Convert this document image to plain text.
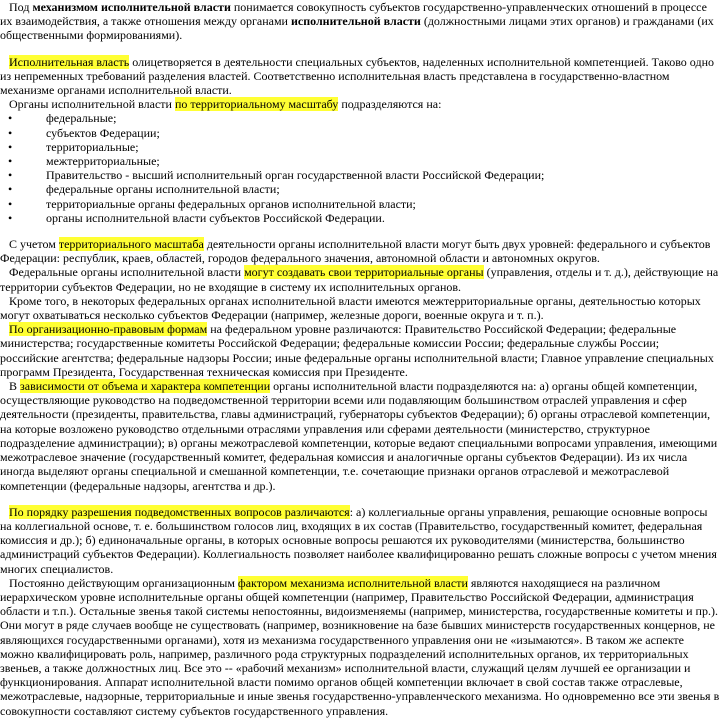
Под механизмом исполнительной власти понимается совокупность субъектов государственно-управленческих отношений в процессе их взаимодействия, а также отношения между органами исполнительной власти (должностными лицами этих органов) и гражданами (их общественными формированиями).

Исполнительная власть олицетворяется в деятельности специальных субъектов, наделенных исполнительной компетенцией. Таково одно из непременных требований разделения властей. Соответственно исполнительная власть представлена в государственно-властном механизме органами исполнительной власти.

Органы исполнительной власти по территориальному масштабу подразделяются на:

• федеральные;
• субъектов Федерации;
• территориальные;
• межтерриториальные;
• Правительство - высший исполнительный орган государственной власти Российской Федерации;
• федеральные органы исполнительной власти;
• территориальные органы федеральных органов исполнительной власти;
• органы исполнительной власти субъектов Российской Федерации.

С учетом территориального масштаба деятельности органы исполнительной власти могут быть двух уровней: федерального и субъектов Федерации: республик, краев, областей, городов федерального значения, автономной области и автономных округов.

Федеральные органы исполнительной власти могут создавать свои территориальные органы (управления, отделы и т. д.), действующие на территории субъектов Федерации, но не входящие в систему их исполнительных органов.

Кроме того, в некоторых федеральных органах исполнительной власти имеются межтерриториальные органы, деятельностью которых могут охватываться несколько субъектов Федерации (например, железные дороги, военные округа и т. п.).

По организационно-правовым формам на федеральном уровне различаются: Правительство Российской Федерации; федеральные министерства; государственные комитеты Российской Федерации; федеральные комиссии России; федеральные службы России; российские агентства; федеральные надзоры России; иные федеральные органы исполнительной власти; Главное управление специальных программ Президента, Государственная техническая комиссия при Президенте.

В зависимости от объема и характера компетенции органы исполнительной власти подразделяются на: а) органы общей компетенции, осуществляющие руководство на подведомственной территории всеми или подавляющим большинством отраслей управления и сфер деятельности (президенты, правительства, главы администраций, губернаторы субъектов Федерации); б) органы отраслевой компетенции, на которые возложено руководство отдельными отраслями управления или сферами деятельности (министерство, структурное подразделение администрации); в) органы межотраслевой компетенции, которые ведают специальными вопросами управления, имеющими межотраслевое значение (государственный комитет, федеральная комиссия и аналогичные органы субъектов Федерации). Из их числа иногда выделяют органы специальной и смешанной компетенции, т.е. сочетающие признаки органов отраслевой и межотраслевой компетенции (федеральные надзоры, агентства и др.).

По порядку разрешения подведомственных вопросов различаются: а) коллегиальные органы управления, решающие основные вопросы на коллегиальной основе, т. е. большинством голосов лиц, входящих в их состав (Правительство, государственный комитет, федеральная комиссия и др.); б) единоначальные органы, в которых основные вопросы решаются их руководителями (министерства, большинство администраций субъектов Федерации). Коллегиальность позволяет наиболее квалифицированно решать сложные вопросы с учетом мнения многих специалистов.

Постоянно действующим организационным фактором механизма исполнительной власти являются находящиеся на различном иерархическом уровне исполнительные органы общей компетенции (например, Правительство Российской Федерации, администрация области и т.п.). Остальные звенья такой системы непостоянны, видоизменяемы (например, министерства, государственные комитеты и пр.). Они могут в ряде случаев вообще не существовать (например, возникновение на базе бывших министерств государственных концернов, не являющихся государственными органами), хотя из механизма государственного управления они не «изымаются». В таком же аспекте можно квалифицировать роль, например, различного рода структурных подразделений исполнительных органов, их территориальных звеньев, а также должностных лиц. Все это -- «рабочий механизм» исполнительной власти, служащий целям лучшей ее организации и функционирования. Аппарат исполнительной власти помимо органов общей компетенции включает в свой состав также отраслевые, межотраслевые, надзорные, территориальные и иные звенья государственно-управленческого механизма. Но одновременно все эти звенья в совокупности составляют систему субъектов государственного управления.
